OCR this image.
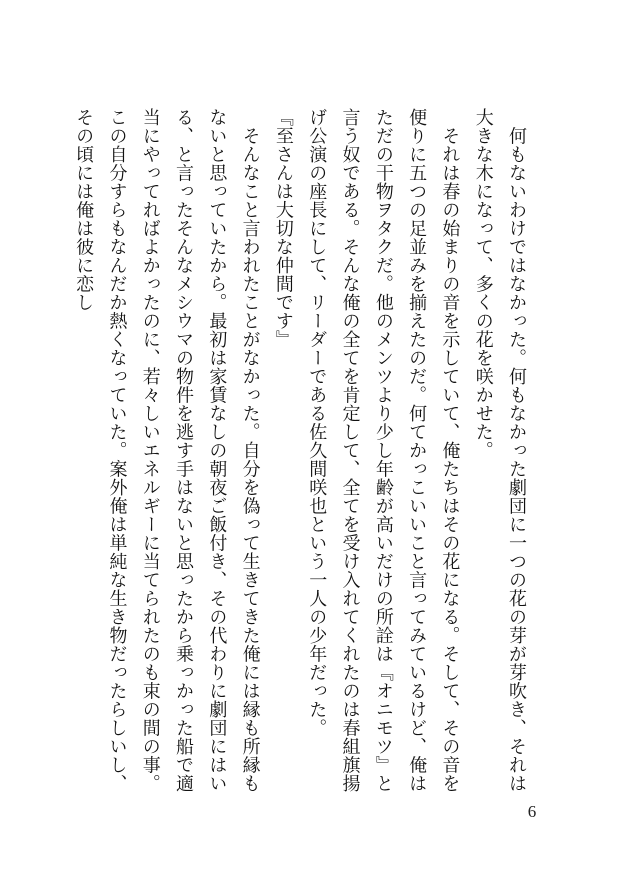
　何もないわけではなかった。何もなかった劇団に一つの花の芽が芽吹き、それは大きな木になって、多くの花を咲かせた。

　それは春の始まりの音を示していて、俺たちはその花になる。そして、その音を便りに五つの足並みを揃えたのだ。何てかっこいいこと言ってみているけど、俺はただの干物ヲタクだ。他のメンツより少し年齢が高いだけの所詮は『オニモツ』と言う奴である。そんな俺の全てを肯定して、全てを受け入れてくれたのは春組旗揚げ公演の座長にして、リーダーである佐久間咲也という一人の少年だった。

『至さんは大切な仲間です』

　そんなこと言われたことがなかった。自分を偽って生きてきた俺には縁も所縁もないと思っていたから。最初は家賃なしの朝夜ご飯付き、その代わりに劇団にはいる、と言ったそんなメシウマの物件を逃す手はないと思ったから乗っかった船で適当にやってればよかったのに、若々しいエネルギーに当てられたのも束の間の事。この自分すらもなんだか熱くなっていた。案外俺は単純な生き物だったらしいし、その頃には俺は彼に恋し

6
